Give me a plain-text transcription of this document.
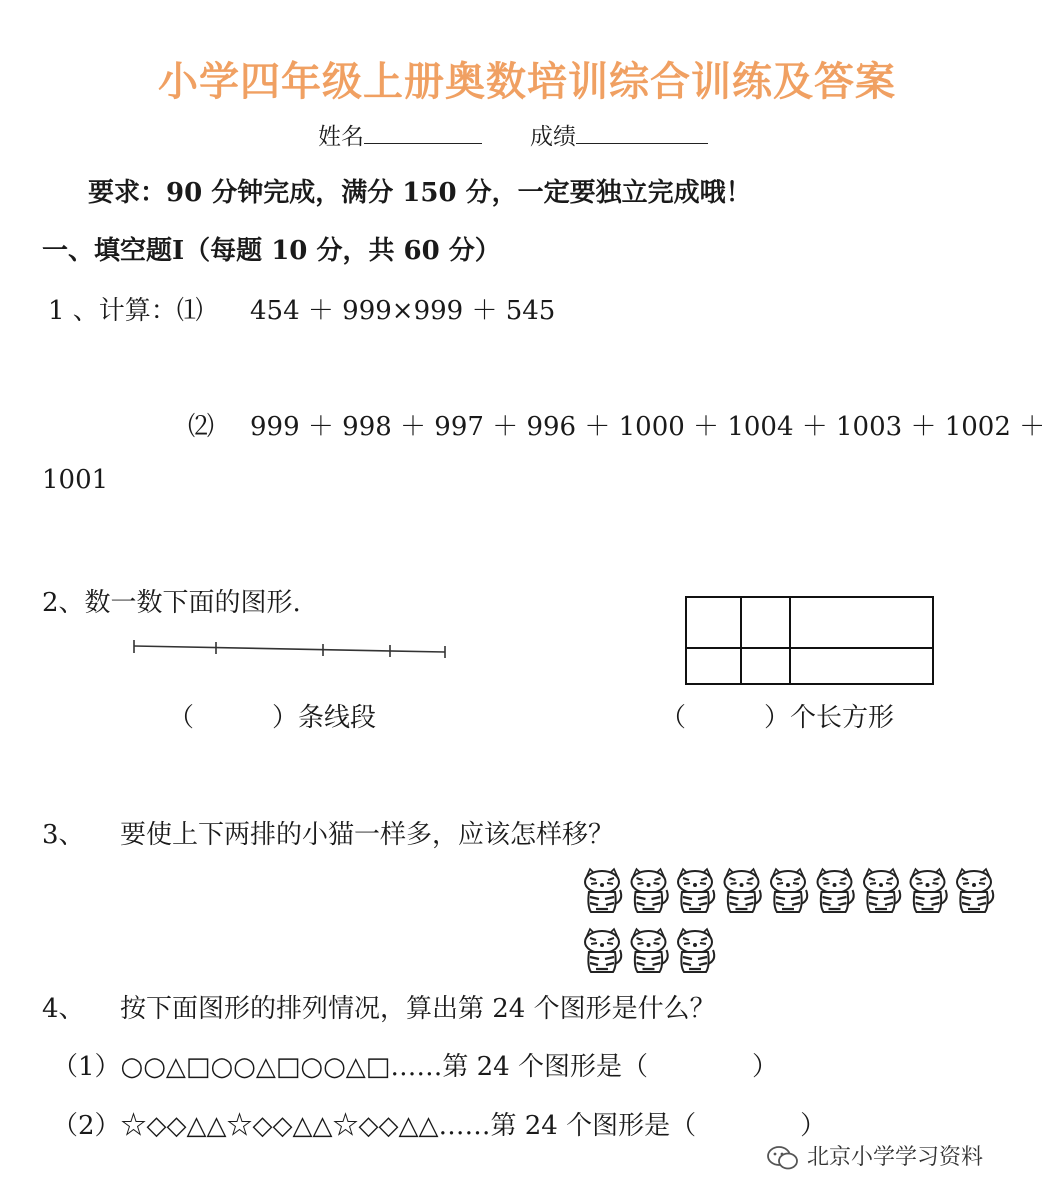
小学四年级上册奥数培训综合训练及答案
姓名	成绩
要求：90 分钟完成，满分 150 分，一定要独立完成哦！
一、填空题Ⅰ（每题 10 分，共 60 分）
1 、计算：⑴ 454 ＋ 999×999 ＋ 545
⑵ 999 ＋ 998 ＋ 997 ＋ 996 ＋ 1000 ＋ 1004 ＋ 1003 ＋ 1002 ＋
1001
2、数一数下面的图形.
（　　　）条线段	（　　　）个长方形
3、 要使上下两排的小猫一样多，应该怎样移？
4、 按下面图形的排列情况，算出第 24 个图形是什么？
（1）○○△□○○△□○○△□……第 24 个图形是（　　　　）
（2）☆◇◇△△☆◇◇△△☆◇◇△△……第 24 个图形是（　　　　）
北京小学学习资料
